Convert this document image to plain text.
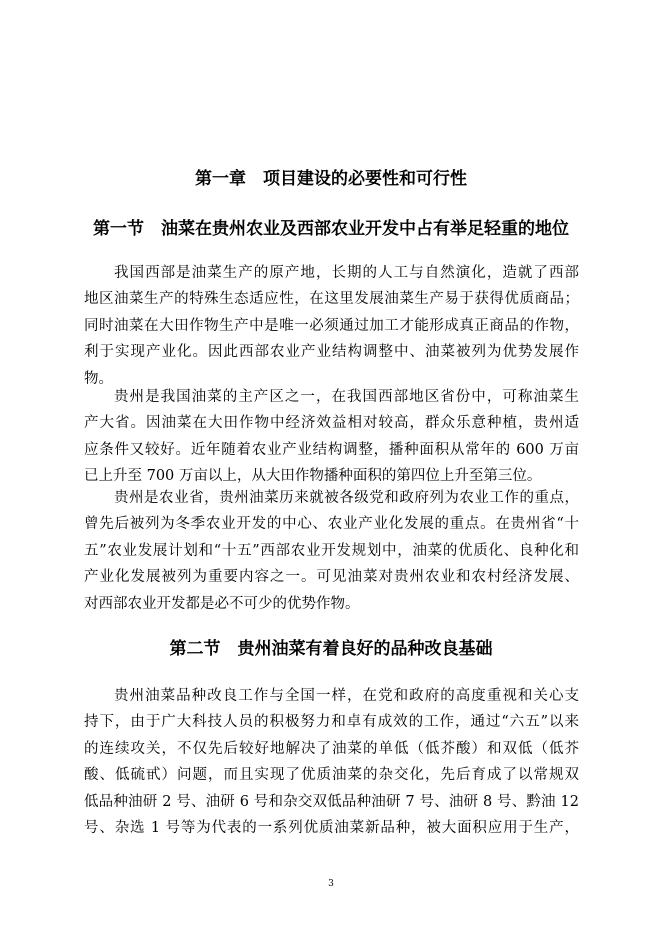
第一章　项目建设的必要性和可行性
第一节　油菜在贵州农业及西部农业开发中占有举足轻重的地位
我国西部是油菜生产的原产地，长期的人工与自然演化，造就了西部
地区油菜生产的特殊生态适应性，在这里发展油菜生产易于获得优质商品；
同时油菜在大田作物生产中是唯一必须通过加工才能形成真正商品的作物，
利于实现产业化。因此西部农业产业结构调整中、油菜被列为优势发展作
物。
贵州是我国油菜的主产区之一，在我国西部地区省份中，可称油菜生
产大省。因油菜在大田作物中经济效益相对较高，群众乐意种植，贵州适
应条件又较好。近年随着农业产业结构调整，播种面积从常年的 600 万亩
已上升至 700 万亩以上，从大田作物播种面积的第四位上升至第三位。
贵州是农业省，贵州油菜历来就被各级党和政府列为农业工作的重点，
曾先后被列为冬季农业开发的中心、农业产业化发展的重点。在贵州省“十
五”农业发展计划和“十五”西部农业开发规划中，油菜的优质化、良种化和
产业化发展被列为重要内容之一。可见油菜对贵州农业和农村经济发展、
对西部农业开发都是必不可少的优势作物。
第二节　贵州油菜有着良好的品种改良基础
贵州油菜品种改良工作与全国一样，在党和政府的高度重视和关心支
持下，由于广大科技人员的积极努力和卓有成效的工作，通过“六五”以来
的连续攻关，不仅先后较好地解决了油菜的单低（低芥酸）和双低（低芥
酸、低硫甙）问题，而且实现了优质油菜的杂交化，先后育成了以常规双
低品种油研 2 号、油研 6 号和杂交双低品种油研 7 号、油研 8 号、黔油 12
号、杂选 1 号等为代表的一系列优质油菜新品种，被大面积应用于生产，
3
